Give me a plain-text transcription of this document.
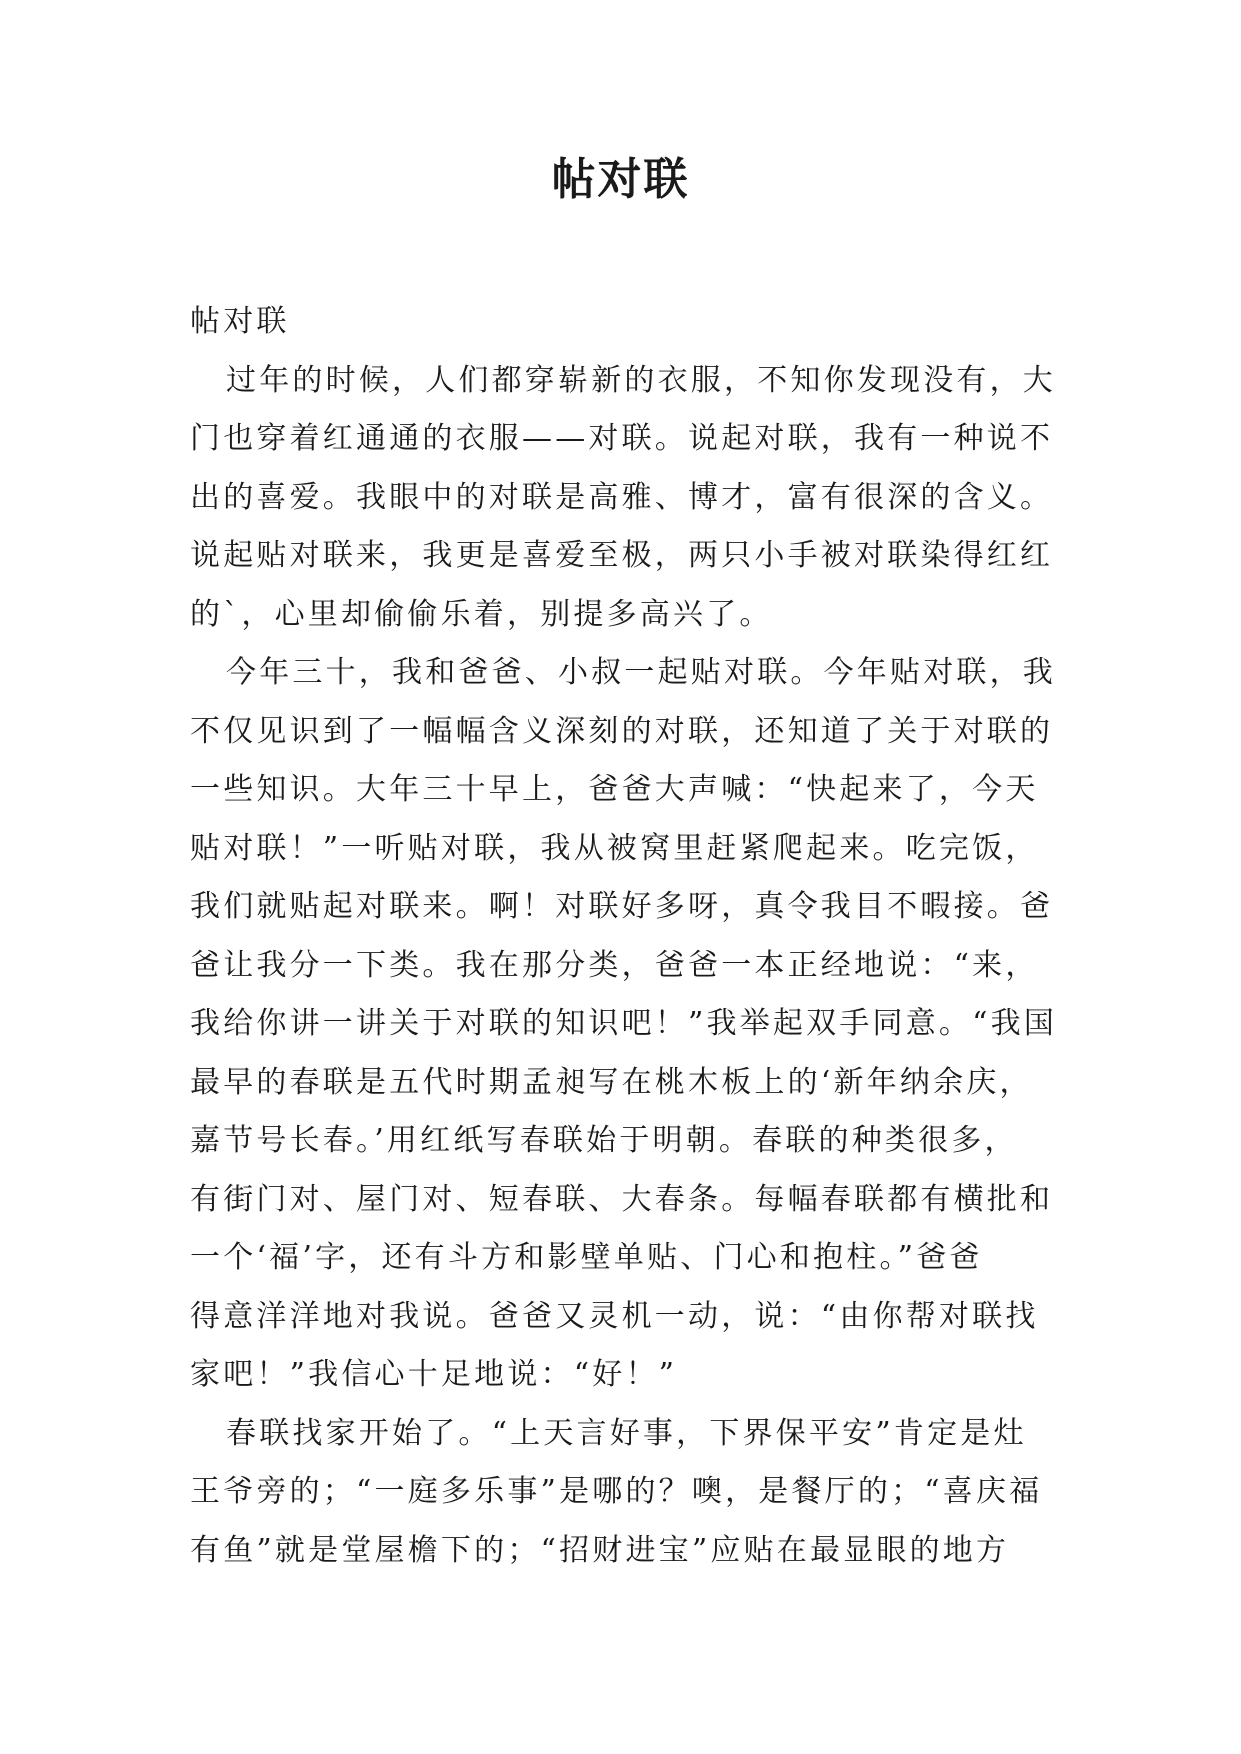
帖对联
帖对联
过年的时候，人们都穿崭新的衣服，不知你发现没有，大
门也穿着红通通的衣服——对联。说起对联，我有一种说不
出的喜爱。我眼中的对联是高雅、博才，富有很深的含义。
说起贴对联来，我更是喜爱至极，两只小手被对联染得红红
的`，心里却偷偷乐着，别提多高兴了。
今年三十，我和爸爸、小叔一起贴对联。今年贴对联，我
不仅见识到了一幅幅含义深刻的对联，还知道了关于对联的
一些知识。大年三十早上，爸爸大声喊：“快起来了，今天
贴对联！”一听贴对联，我从被窝里赶紧爬起来。吃完饭，
我们就贴起对联来。啊！对联好多呀，真令我目不暇接。爸
爸让我分一下类。我在那分类，爸爸一本正经地说：“来，
我给你讲一讲关于对联的知识吧！”我举起双手同意。“我国
最早的春联是五代时期孟昶写在桃木板上的‘新年纳余庆，
嘉节号长春。’用红纸写春联始于明朝。春联的种类很多，
有街门对、屋门对、短春联、大春条。每幅春联都有横批和
一个‘福’字，还有斗方和影壁单贴、门心和抱柱。”爸爸
得意洋洋地对我说。爸爸又灵机一动，说：“由你帮对联找
家吧！”我信心十足地说：“好！”
春联找家开始了。“上天言好事，下界保平安”肯定是灶
王爷旁的；“一庭多乐事”是哪的？噢，是餐厅的；“喜庆福
有鱼”就是堂屋檐下的；“招财进宝”应贴在最显眼的地方
